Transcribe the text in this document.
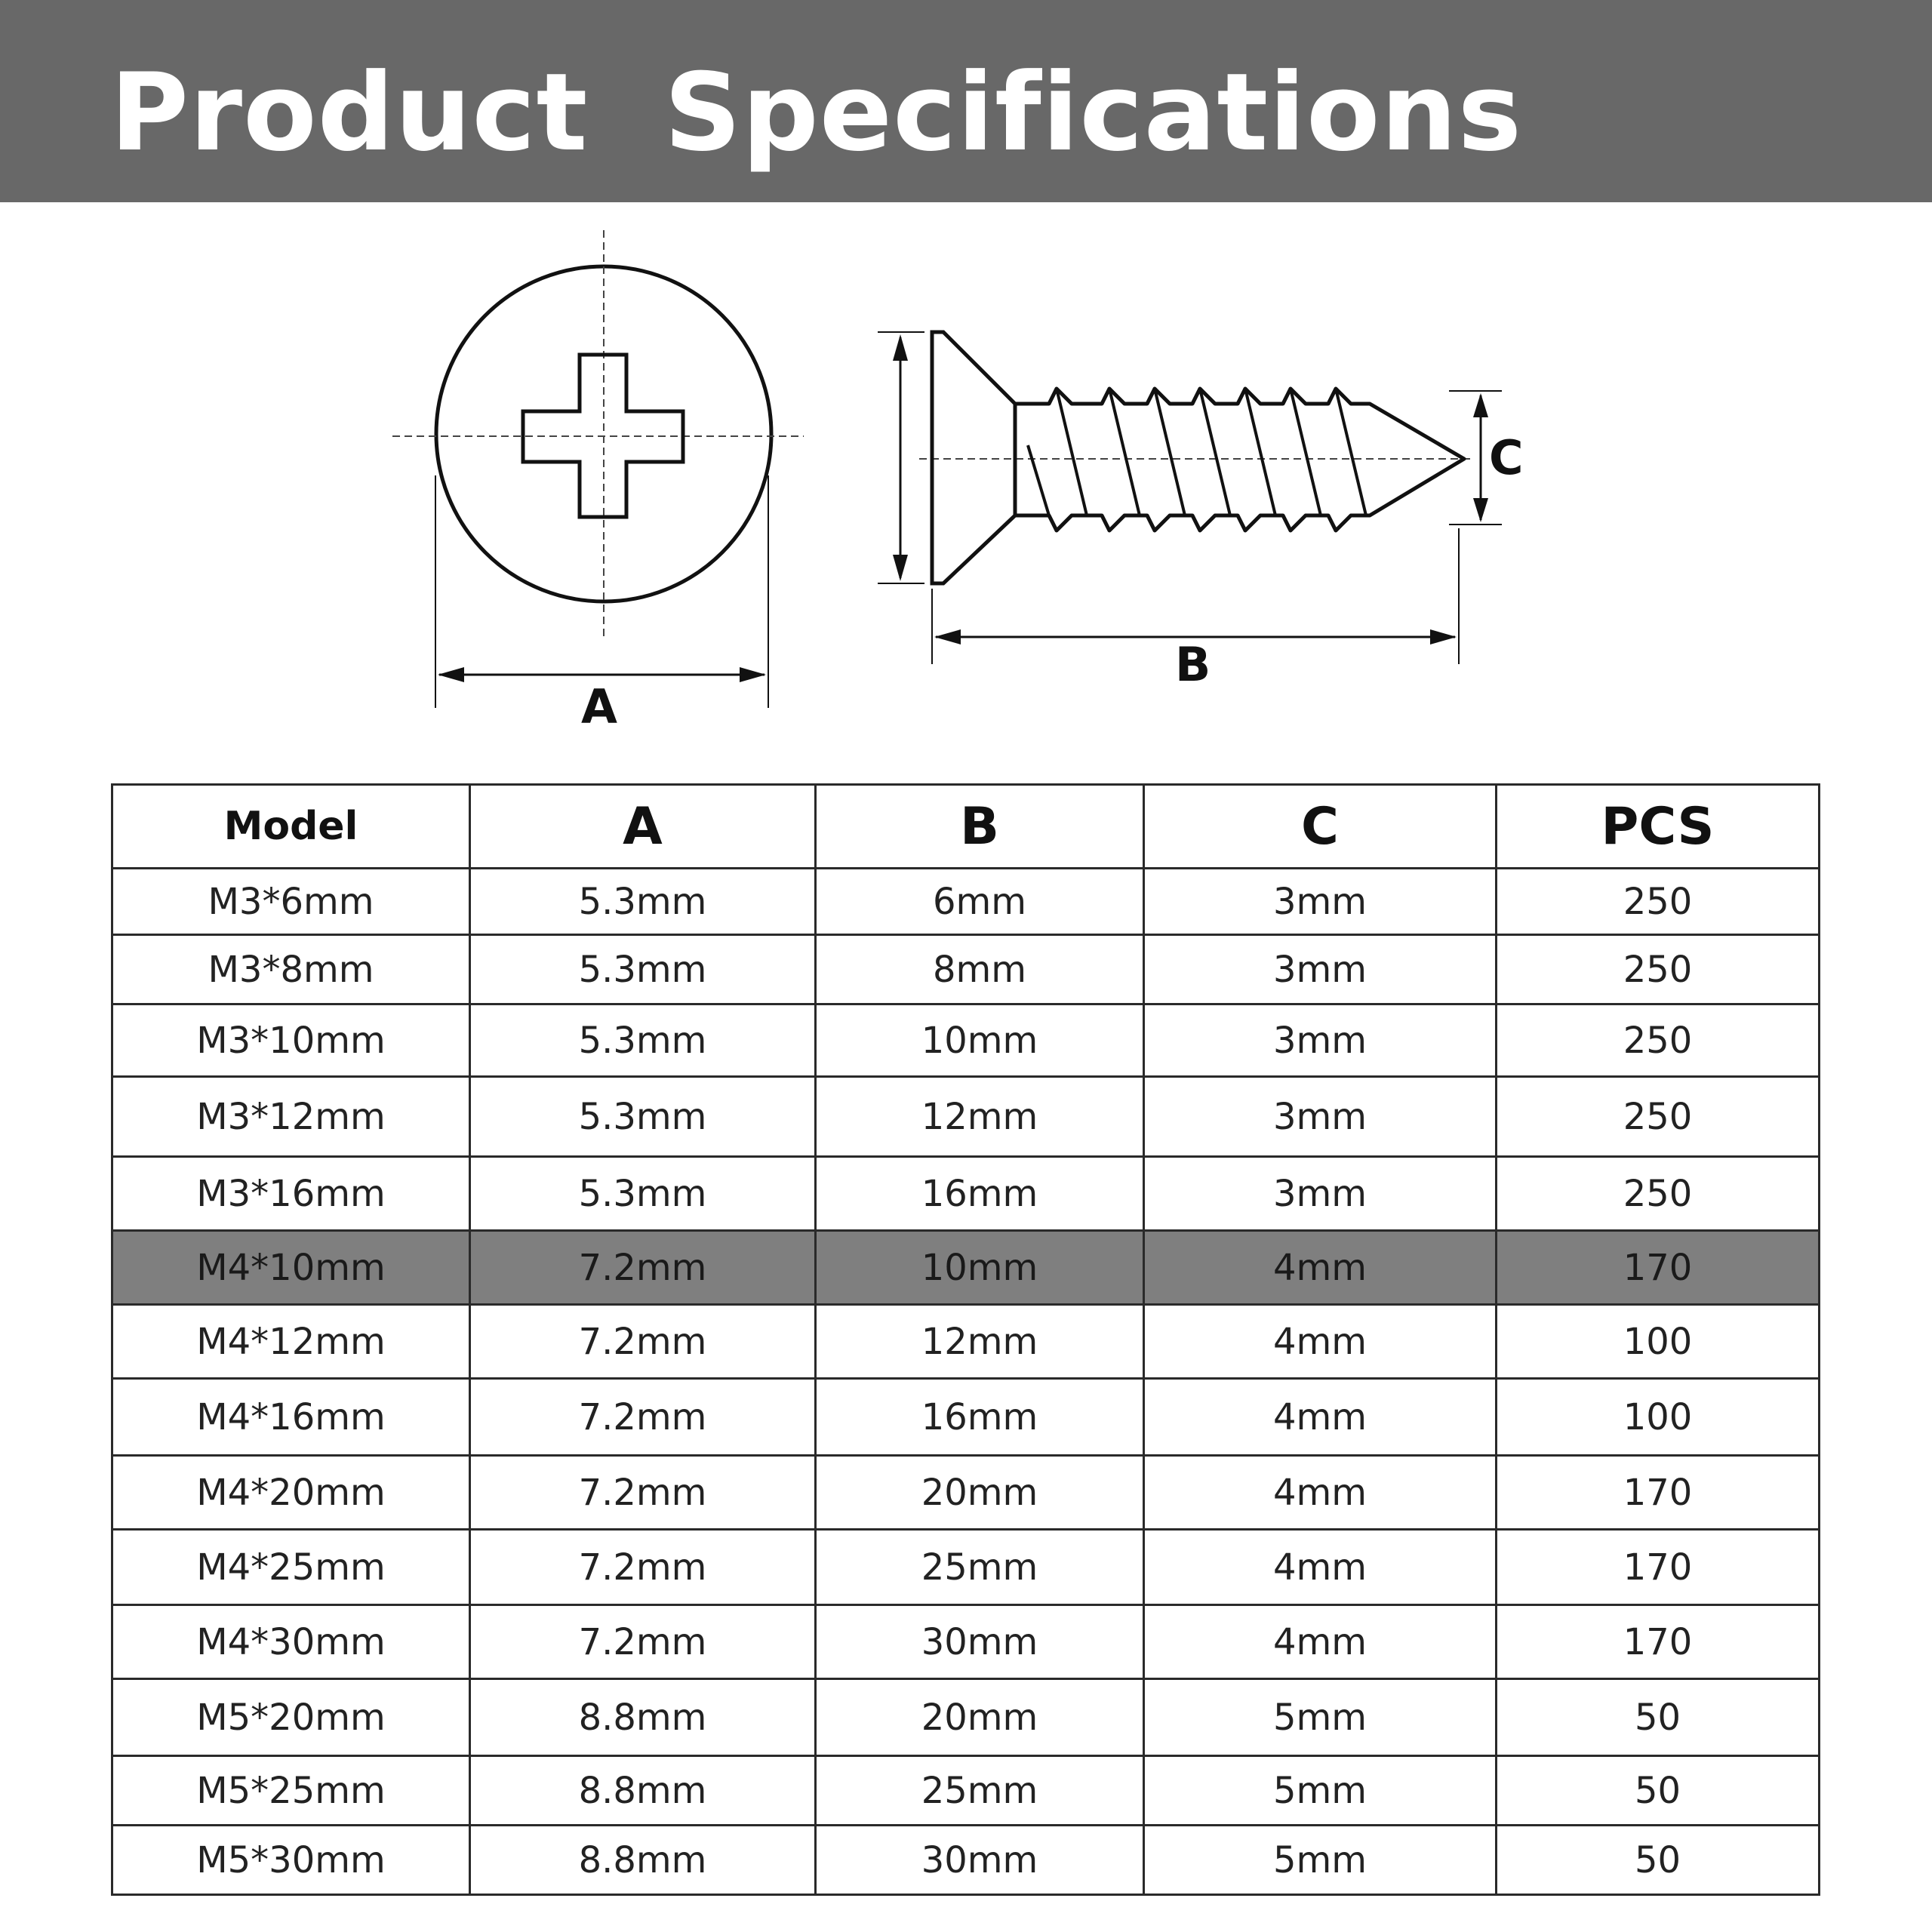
Product Specifications
A
B
C
Model	A	B	C	PCS
M3*6mm	5.3mm	6mm	3mm	250
M3*8mm	5.3mm	8mm	3mm	250
M3*10mm	5.3mm	10mm	3mm	250
M3*12mm	5.3mm	12mm	3mm	250
M3*16mm	5.3mm	16mm	3mm	250
M4*10mm	7.2mm	10mm	4mm	170
M4*12mm	7.2mm	12mm	4mm	100
M4*16mm	7.2mm	16mm	4mm	100
M4*20mm	7.2mm	20mm	4mm	170
M4*25mm	7.2mm	25mm	4mm	170
M4*30mm	7.2mm	30mm	4mm	170
M5*20mm	8.8mm	20mm	5mm	50
M5*25mm	8.8mm	25mm	5mm	50
M5*30mm	8.8mm	30mm	5mm	50
